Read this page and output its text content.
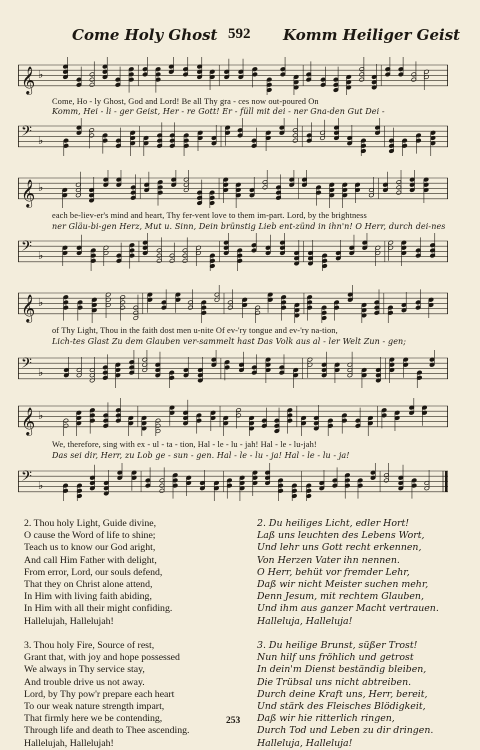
Come Holy Ghost 592 Komm Heiliger Geist
𝄞 ♭
Come, Ho - ly Ghost, God and Lord! Be all Thy gra - ces now out-poured On
Komm, Hei - li - ger Geist, Her - re Gott! Er - füll mit dei - ner Gna-den Gut Dei -
𝄢 ♭
𝄞 ♭
each be-liev-er's mind and heart, Thy fer-vent love to them im-part. Lord, by the brightness
ner Gläu-bi-gen Herz, Mut u. Sinn, Dein brünstig Lieb ent-zünd in ihn'n! O Herr, durch dei-nes
𝄢 ♭
𝄞 ♭
of Thy Light, Thou in the faith dost men u-nite Of ev-'ry tongue and ev-'ry na-tion,
Lich-tes Glast Zu dem Glauben ver-sammelt hast Das Volk aus al - ler Welt Zun - gen;
𝄢 ♭
𝄞 ♭
We, therefore, sing with ex - ul - ta - tion, Hal - le - lu - jah! Hal - le - lu-jah!
Das sei dir, Herr, zu Lob ge - sun - gen. Hal - le - lu - ja! Hal - le - lu - ja!
𝄢 ♭
2. Thou holy Light, Guide divine,
O cause the Word of life to shine;
Teach us to know our God aright,
And call Him Father with delight,
From error, Lord, our souls defend,
That they on Christ alone attend,
In Him with living faith abiding,
In Him with all their might confiding.
Hallelujah, Hallelujah!

3. Thou holy Fire, Source of rest,
Grant that, with joy and hope possessed
We always in Thy service stay,
And trouble drive us not away.
Lord, by Thy pow'r prepare each heart
To our weak nature strength impart,
That firmly here we be contending,
Through life and death to Thee ascending.
Hallelujah, Hallelujah!
2. Du heiliges Licht, edler Hort!
Laß uns leuchten des Lebens Wort,
Und lehr uns Gott recht erkennen,
Von Herzen Vater ihn nennen.
O Herr, behüt vor fremder Lehr,
Daß wir nicht Meister suchen mehr,
Denn Jesum, mit rechtem Glauben,
Und ihm aus ganzer Macht vertrauen.
Halleluja, Halleluja!

3. Du heilige Brunst, süßer Trost!
Nun hilf uns fröhlich und getrost
In dein'm Dienst beständig bleiben,
Die Trübsal uns nicht abtreiben.
Durch deine Kraft uns, Herr, bereit,
Und stärk des Fleisches Blödigkeit,
Daß wir hie ritterlich ringen,
Durch Tod und Leben zu dir dringen.
Halleluja, Halleluja!
253
